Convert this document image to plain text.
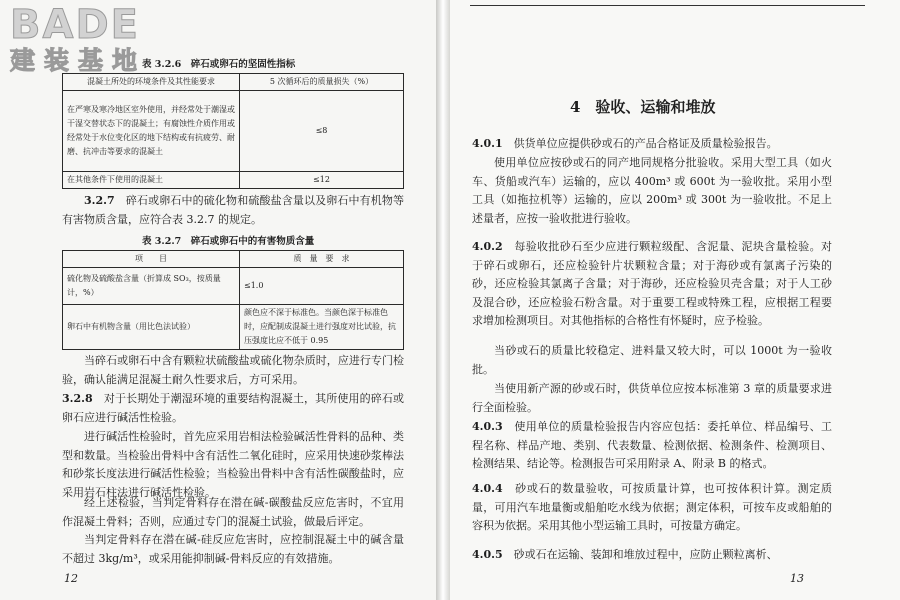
BADE
建装基地
表 3.2.6　碎石或卵石的坚固性指标
混凝土所处的环境条件及其性能要求	5 次循环后的质量损失（%）
在严寒及寒冷地区室外使用，并经常处于潮湿或干湿交替状态下的混凝土；有腐蚀性介质作用或经常处于水位变化区的地下结构或有抗疲劳、耐磨、抗冲击等要求的混凝土	≤8
在其他条件下使用的混凝土	≤12

3.2.7　 碎石或卵石中的硫化物和硫酸盐含量以及卵石中有机物等有害物质含量，应符合表 3.2.7 的规定。

表 3.2.7　碎石或卵石中的有害物质含量
项　　目	质　量　要　求
硫化物及硫酸盐含量（折算成 SO₃，按质量计，%）	≤1.0
卵石中有机物含量（用比色法试验）	颜色应不深于标准色。当颜色深于标准色时，应配制成混凝土进行强度对比试验，抗压强度比应不低于 0.95

当碎石或卵石中含有颗粒状硫酸盐或硫化物杂质时，应进行专门检验，确认能满足混凝土耐久性要求后，方可采用。

3.2.8　 对于长期处于潮湿环境的重要结构混凝土，其所使用的碎石或卵石应进行碱活性检验。

进行碱活性检验时，首先应采用岩相法检验碱活性骨料的品种、类型和数量。当检验出骨料中含有活性二氧化硅时，应采用快速砂浆棒法和砂浆长度法进行碱活性检验；当检验出骨料中含有活性碳酸盐时，应采用岩石柱法进行碱活性检验。

经上述检验，当判定骨料存在潜在碱-碳酸盐反应危害时，不宜用作混凝土骨料；否则，应通过专门的混凝土试验，做最后评定。

当判定骨料存在潜在碱-硅反应危害时，应控制混凝土中的碱含量不超过 3kg/m³，或采用能抑制碱-骨料反应的有效措施。

12
4　验收、运输和堆放

4.0.1　 供货单位应提供砂或石的产品合格证及质量检验报告。

使用单位应按砂或石的同产地同规格分批验收。采用大型工具（如火车、货船或汽车）运输的，应以 400m³ 或 600t 为一验收批。采用小型工具（如拖拉机等）运输的，应以 200m³ 或 300t 为一验收批。不足上述量者，应按一验收批进行验收。

4.0.2　 每验收批砂石至少应进行颗粒级配、含泥量、泥块含量检验。对于碎石或卵石，还应检验针片状颗粒含量；对于海砂或有氯离子污染的砂，还应检验其氯离子含量；对于海砂，还应检验贝壳含量；对于人工砂及混合砂，还应检验石粉含量。对于重要工程或特殊工程，应根据工程要求增加检测项目。对其他指标的合格性有怀疑时，应予检验。

当砂或石的质量比较稳定、进料量又较大时，可以 1000t 为一验收批。

当使用新产源的砂或石时，供货单位应按本标准第 3 章的质量要求进行全面检验。

4.0.3　 使用单位的质量检验报告内容应包括：委托单位、样品编号、工程名称、样品产地、类别、代表数量、检测依据、检测条件、检测项目、检测结果、结论等。检测报告可采用附录 A、附录 B 的格式。

4.0.4　 砂或石的数量验收，可按质量计算，也可按体积计算。测定质量，可用汽车地量衡或船舶吃水线为依据；测定体积，可按车皮或船舶的容积为依据。采用其他小型运输工具时，可按量方确定。

4.0.5　 砂或石在运输、装卸和堆放过程中，应防止颗粒离析、

13
